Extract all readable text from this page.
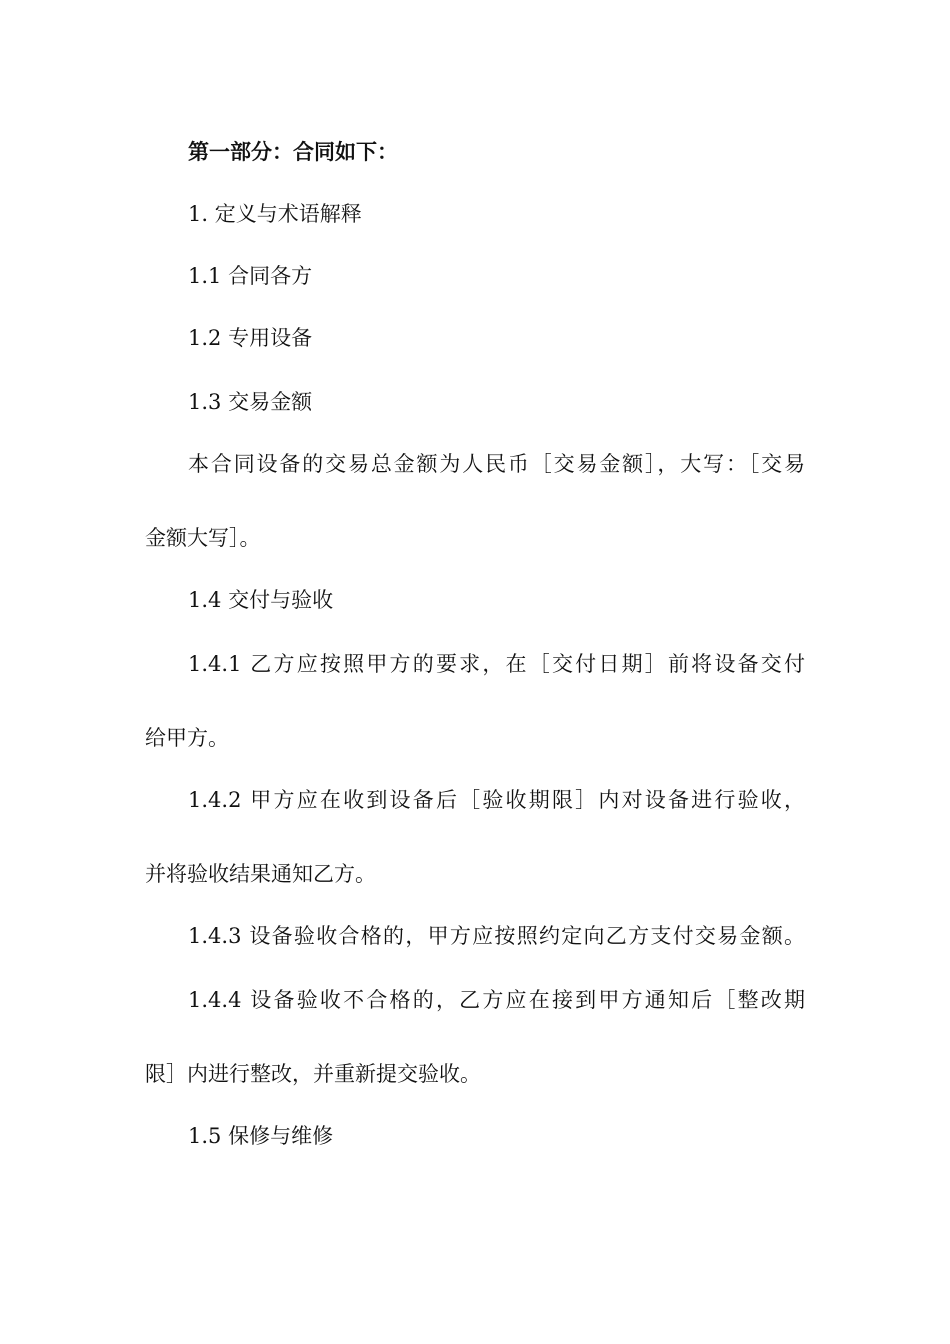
第一部分：合同如下：

1. 定义与术语解释

1.1 合同各方

1.2 专用设备

1.3 交易金额

本合同设备的交易总金额为人民币［交易金额］，大写：［交易

金额大写］。

1.4 交付与验收

1.4.1 乙方应按照甲方的要求，在［交付日期］前将设备交付

给甲方。

1.4.2 甲方应在收到设备后［验收期限］内对设备进行验收，

并将验收结果通知乙方。

1.4.3 设备验收合格的，甲方应按照约定向乙方支付交易金额。

1.4.4 设备验收不合格的，乙方应在接到甲方通知后［整改期

限］内进行整改，并重新提交验收。

1.5 保修与维修
